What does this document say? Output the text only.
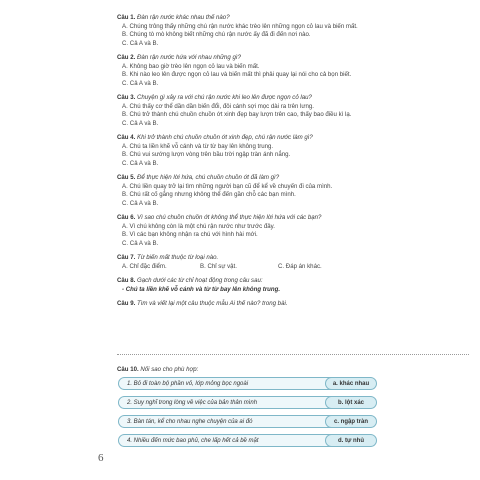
Câu 1. Đàn rận nước khác nhau thế nào?
A. Chúng trông thấy những chú rận nước khác trèo lên những ngọn cỏ lau và biến mất.
B. Chúng tò mò không biết những chú rận nước ấy đã đi đến nơi nào.
C. Cả A và B.
Câu 2. Đàn rận nước hứa với nhau những gì?
A. Không bao giờ trèo lên ngọn cỏ lau và biến mất.
B. Khi nào leo lên được ngọn cỏ lau và biến mất thì phải quay lại nói cho cả bọn biết.
C. Cả A và B.
Câu 3. Chuyện gì xảy ra với chú rận nước khi leo lên được ngọn cỏ lau?
A. Chú thấy cơ thể dần dần biến đổi, đôi cánh sợi mọc dài ra trên lưng.
B. Chú trở thành chú chuồn chuồn ớt xinh đẹp bay lượn trên cao, thấy bao điều kì lạ.
C. Cả A và B.
Câu 4. Khi trở thành chú chuồn chuồn ớt xinh đẹp, chú rận nước làm gì?
A. Chú ta liền khẽ vỗ cánh và từ từ bay lên không trung.
B. Chú vui sướng lượn vòng trên bầu trời ngập tràn ánh nắng.
C. Cả A và B.
Câu 5. Để thực hiện lời hứa, chú chuồn chuồn ớt đã làm gì?
A. Chú liền quay trở lại tìm những người bạn cũ để kể về chuyến đi của mình.
B. Chú rất cố gắng nhưng không thể đến gần chỗ các bạn mình.
C. Cả A và B.
Câu 6. Vì sao chú chuồn chuồn ớt không thể thực hiện lời hứa với các bạn?
A. Vì chú không còn là một chú rận nước như trước đây.
B. Vì các bạn không nhận ra chú với hình hài mới.
C. Cả A và B.
Câu 7. Từ biến mất thuộc từ loại nào.
A. Chỉ đặc điểm.	B. Chỉ sự vật.	C. Đáp án khác.
Câu 8. Gạch dưới các từ chỉ hoạt động trong câu sau:
- Chú ta liền khẽ vỗ cánh và từ từ bay lên không trung.
Câu 9. Tìm và viết lại một câu thuộc mẫu Ai thế nào? trong bài.
Câu 10. Nối sao cho phù hợp:
1. Bỏ đi toàn bộ phần vỏ, lớp mỏng bọc ngoài
2. Suy nghĩ trong lòng về việc của bản thân mình
3. Bàn tán, kể cho nhau nghe chuyện của ai đó
4. Nhiều đến mức bao phủ, che lấp hết cả bề mặt
a. khác nhau
b. lột xác
c. ngập tràn
d. tự nhủ
6
